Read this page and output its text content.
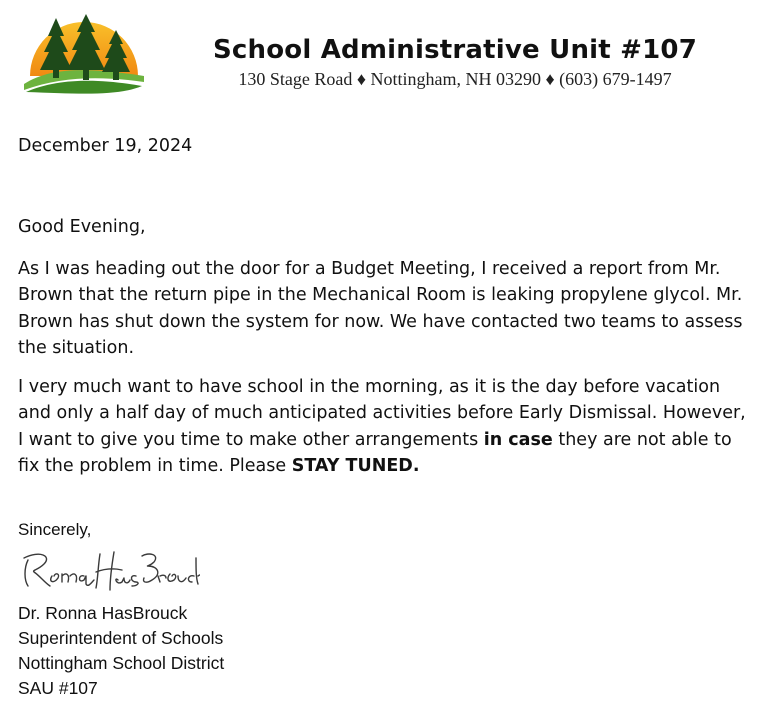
School Administrative Unit #107
130 Stage Road ♦ Nottingham, NH 03290 ♦ (603) 679-1497
December 19, 2024
Good Evening,

As I was heading out the door for a Budget Meeting, I received a report from Mr. Brown that the return pipe in the Mechanical Room is leaking propylene glycol. Mr. Brown has shut down the system for now. We have contacted two teams to assess the situation.

I very much want to have school in the morning, as it is the day before vacation and only a half day of much anticipated activities before Early Dismissal. However, I want to give you time to make other arrangements in case they are not able to fix the problem in time. Please STAY TUNED.

Sincerely,
Dr. Ronna HasBrouck
Superintendent of Schools
Nottingham School District
SAU #107
